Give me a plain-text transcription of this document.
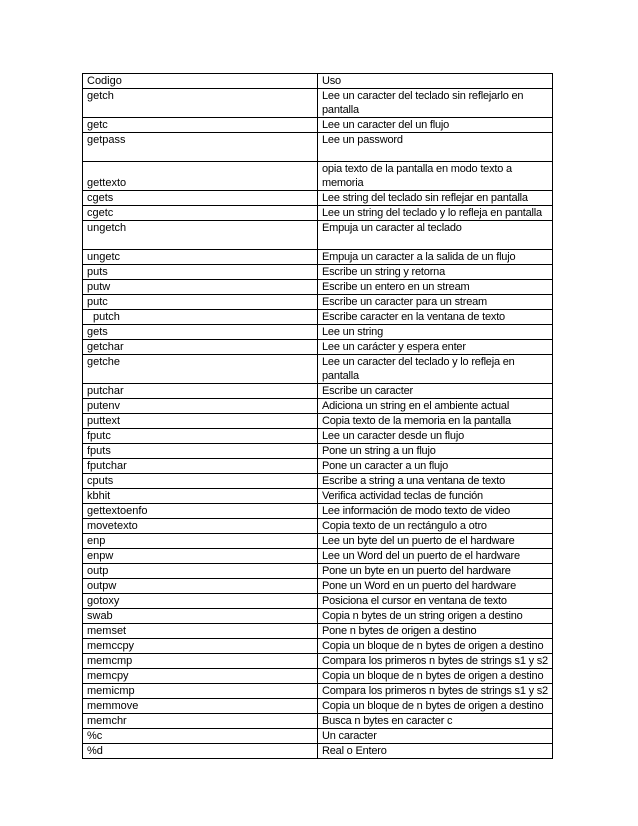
Codigo	Uso
getch	Lee un caracter del teclado sin reflejarlo en pantalla
getc	Lee un caracter del un flujo
getpass	Lee un password
gettexto	opia texto de la pantalla en modo texto a memoria
cgets	Lee string del teclado sin reflejar en pantalla
cgetc	Lee un string del teclado y lo refleja en pantalla
ungetch	Empuja un caracter al teclado
ungetc	Empuja un caracter a la salida de un flujo
puts	Escribe un string y retorna
putw	Escribe un entero en un stream
putc	Escribe un caracter para un stream
putch	Escribe caracter en la ventana de texto
gets	Lee un string
getchar	Lee un carácter y espera enter
getche	Lee un caracter del teclado y lo refleja en pantalla
putchar	Escribe un caracter
putenv	Adiciona un string en el ambiente actual
puttext	Copia texto de la memoria en la pantalla
fputc	Lee un caracter desde un flujo
fputs	Pone un string a un flujo
fputchar	Pone un caracter a un flujo
cputs	Escribe a string a una ventana de texto
kbhit	Verifica actividad teclas de función
gettextoenfo	Lee información de modo texto de video
movetexto	Copia texto de un rectángulo a otro
enp	Lee un byte del un puerto de el hardware
enpw	Lee un Word del un puerto de el hardware
outp	Pone un byte en un puerto del hardware
outpw	Pone un Word en un puerto del hardware
gotoxy	Posiciona el cursor en ventana de texto
swab	Copia n bytes de un string origen a destino
memset	Pone n bytes de origen a destino
memccpy	Copia un bloque de n bytes de origen a destino
memcmp	Compara los primeros n bytes de strings s1 y s2
memcpy	Copia un bloque de n bytes de origen a destino
memicmp	Compara los primeros n bytes de strings s1 y s2
memmove	Copia un bloque de n bytes de origen a destino
memchr	Busca n bytes en caracter c
%c	Un caracter
%d	Real o Entero
